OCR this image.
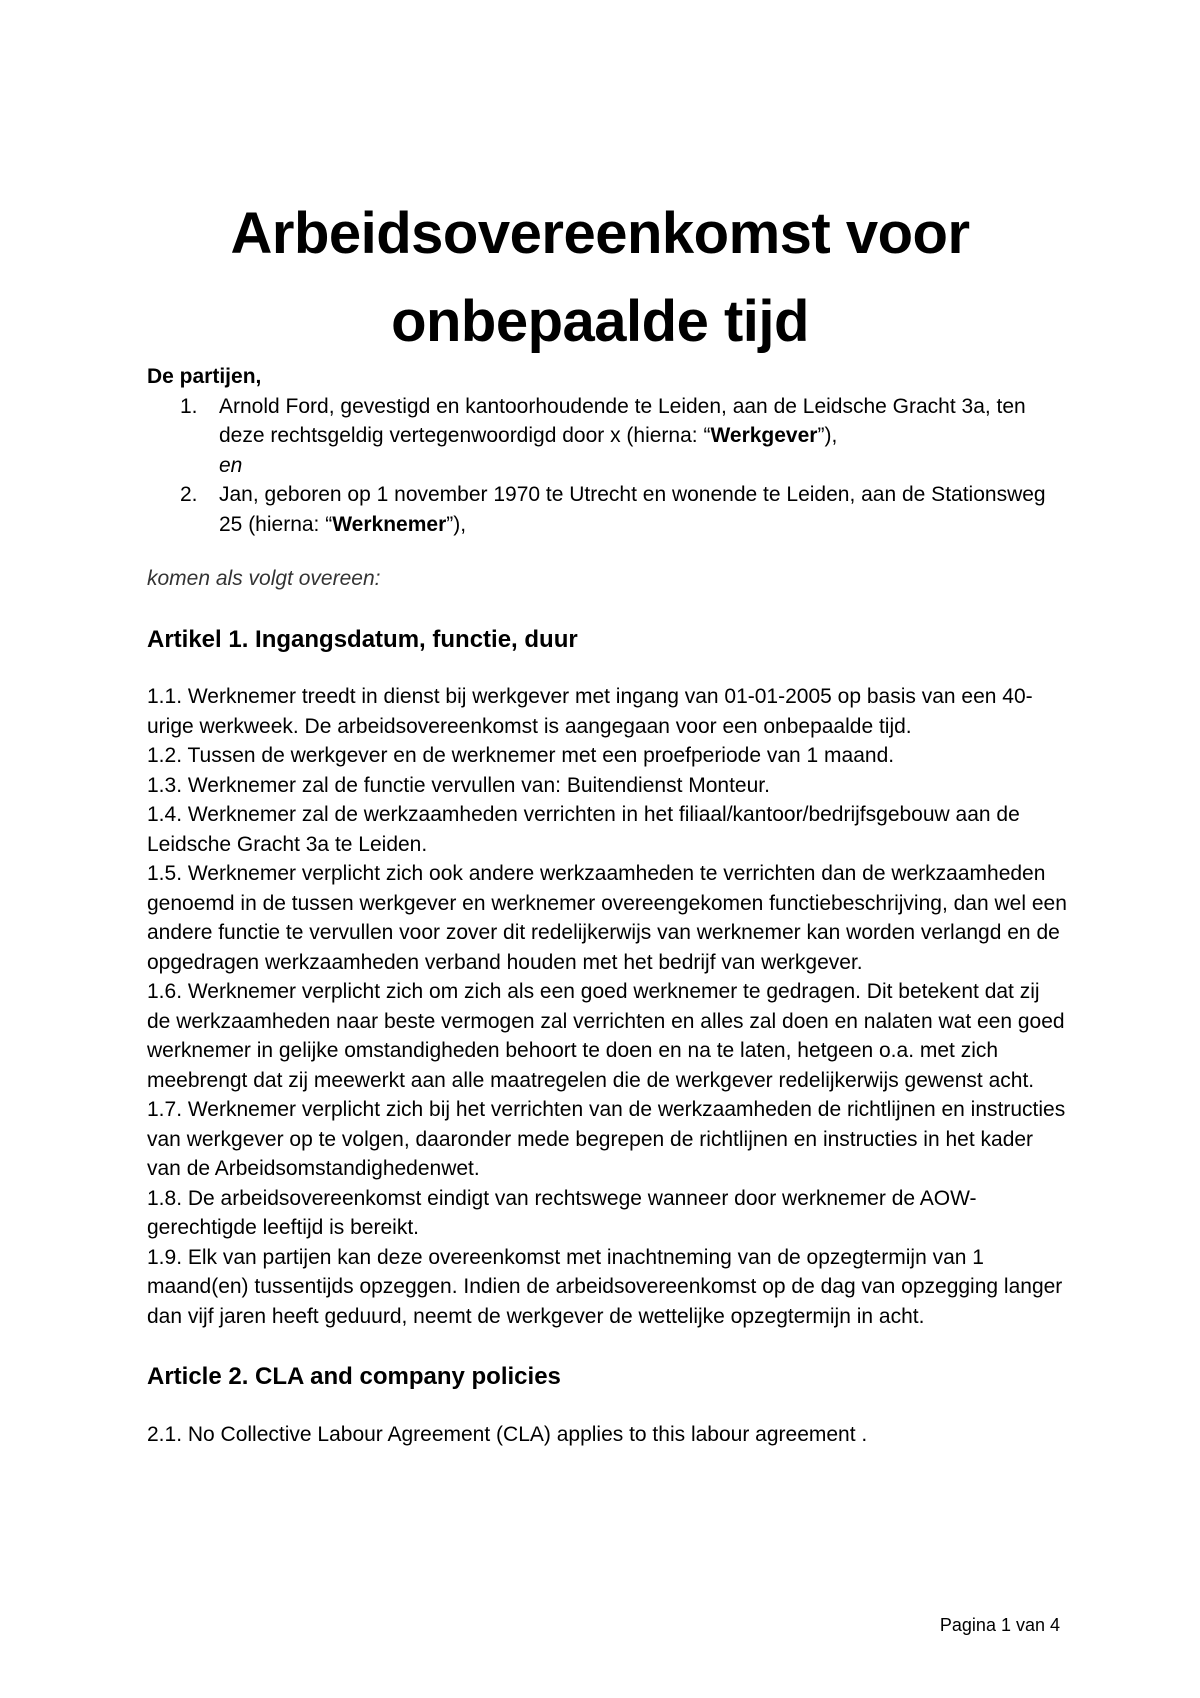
Arbeidsovereenkomst voor
onbepaalde tijd

De partijen,

1. Arnold Ford, gevestigd en kantoorhoudende te Leiden, aan de Leidsche Gracht 3a, ten deze rechtsgeldig vertegenwoordigd door x (hierna: “Werkgever”),
en
2. Jan, geboren op 1 november 1970 te Utrecht en wonende te Leiden, aan de Stationsweg 25 (hierna: “Werknemer”),

komen als volgt overeen:

Artikel 1. Ingangsdatum, functie, duur

1.1. Werknemer treedt in dienst bij werkgever met ingang van 01-01-2005 op basis van een 40-urige werkweek. De arbeidsovereenkomst is aangegaan voor een onbepaalde tijd.

1.2. Tussen de werkgever en de werknemer met een proefperiode van 1 maand.

1.3. Werknemer zal de functie vervullen van: Buitendienst Monteur.

1.4. Werknemer zal de werkzaamheden verrichten in het filiaal/kantoor/bedrijfsgebouw aan de Leidsche Gracht 3a te Leiden.

1.5. Werknemer verplicht zich ook andere werkzaamheden te verrichten dan de werkzaamheden genoemd in de tussen werkgever en werknemer overeengekomen functiebeschrijving, dan wel een andere functie te vervullen voor zover dit redelijkerwijs van werknemer kan worden verlangd en de opgedragen werkzaamheden verband houden met het bedrijf van werkgever.

1.6. Werknemer verplicht zich om zich als een goed werknemer te gedragen. Dit betekent dat zij de werkzaamheden naar beste vermogen zal verrichten en alles zal doen en nalaten wat een goed werknemer in gelijke omstandigheden behoort te doen en na te laten, hetgeen o.a. met zich meebrengt dat zij meewerkt aan alle maatregelen die de werkgever redelijkerwijs gewenst acht.

1.7. Werknemer verplicht zich bij het verrichten van de werkzaamheden de richtlijnen en instructies van werkgever op te volgen, daaronder mede begrepen de richtlijnen en instructies in het kader van de Arbeidsomstandighedenwet.

1.8. De arbeidsovereenkomst eindigt van rechtswege wanneer door werknemer de AOW-gerechtigde leeftijd is bereikt.

1.9. Elk van partijen kan deze overeenkomst met inachtneming van de opzegtermijn van 1 maand(en) tussentijds opzeggen. Indien de arbeidsovereenkomst op de dag van opzegging langer dan vijf jaren heeft geduurd, neemt de werkgever de wettelijke opzegtermijn in acht.

Article 2. CLA and company policies

2.1. No Collective Labour Agreement (CLA) applies to this labour agreement .

Pagina 1 van 4
